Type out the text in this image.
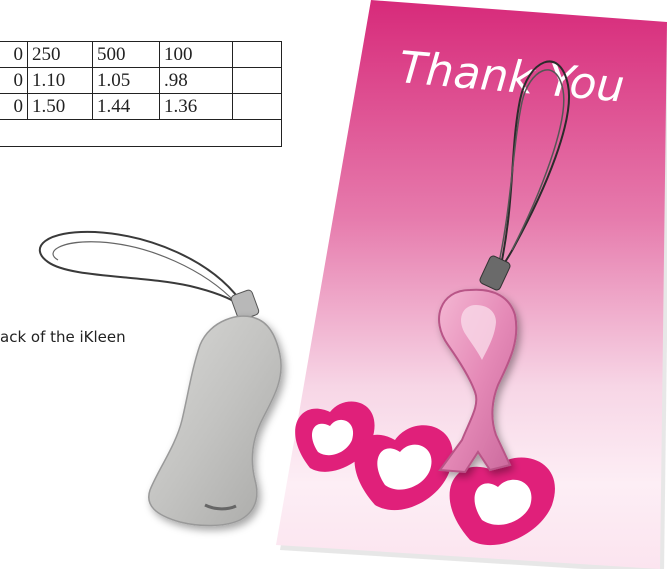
0	250	500	100	
0	1.10	1.05	.98	
0	1.50	1.44	1.36	

ack of the iKleen
Thank You
